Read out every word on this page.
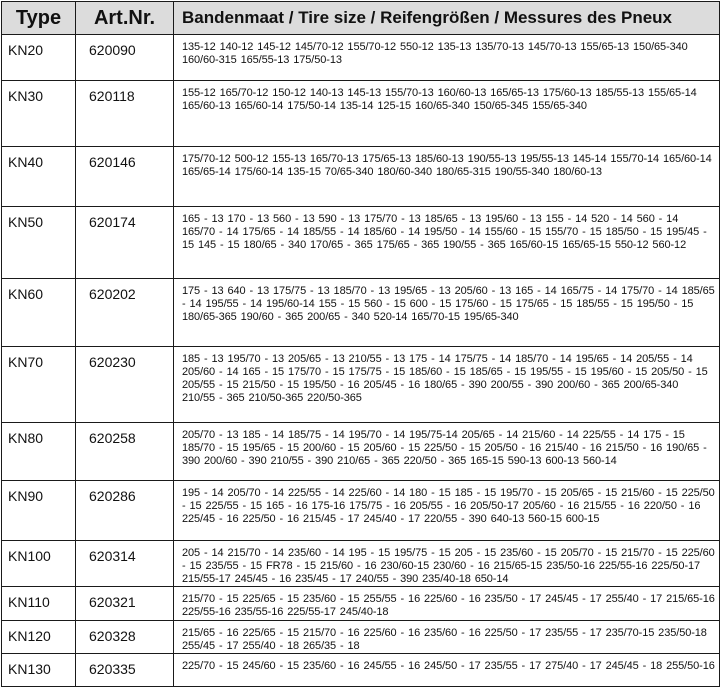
Type	Art.Nr.	Bandenmaat / Tire size / Reifengrößen / Messures des Pneux
KN20	620090	135-12 140-12 145-12 145/70-12 155/70-12 550-12 135-13 135/70-13 145/70-13 155/65-13 150/65-340 160/60-315 165/55-13 175/50-13
KN30	620118	155-12 165/70-12 150-12 140-13 145-13 155/70-13 160/60-13 165/65-13 175/60-13 185/55-13 155/65-14 165/60-13 165/60-14 175/50-14 135-14 125-15 160/65-340 150/65-345 155/65-340
KN40	620146	175/70-12 500-12 155-13 165/70-13 175/65-13 185/60-13 190/55-13 195/55-13 145-14 155/70-14 165/60-14 165/65-14 175/60-14 135-15 70/65-340 180/60-340 180/65-315 190/55-340 180/60-13
KN50	620174	165 - 13 170 - 13 560 - 13 590 - 13 175/70 - 13 185/65 - 13 195/60 - 13 155 - 14 520 - 14 560 - 14 165/70 - 14 175/65 - 14 185/55 - 14 185/60 - 14 195/50 - 14 155/60 - 15 155/70 - 15 185/50 - 15 195/45 - 15 145 - 15 180/65 - 340 170/65 - 365 175/65 - 365 190/55 - 365 165/60-15 165/65-15 550-12 560-12
KN60	620202	175 - 13 640 - 13 175/75 - 13 185/70 - 13 195/65 - 13 205/60 - 13 165 - 14 165/75 - 14 175/70 - 14 185/65 - 14 195/55 - 14 195/60-14 155 - 15 560 - 15 600 - 15 175/60 - 15 175/65 - 15 185/55 - 15 195/50 - 15 180/65-365 190/60 - 365 200/65 - 340 520-14 165/70-15 195/65-340
KN70	620230	185 - 13 195/70 - 13 205/65 - 13 210/55 - 13 175 - 14 175/75 - 14 185/70 - 14 195/65 - 14 205/55 - 14 205/60 - 14 165 - 15 175/70 - 15 175/75 - 15 185/60 - 15 185/65 - 15 195/55 - 15 195/60 - 15 205/50 - 15 205/55 - 15 215/50 - 15 195/50 - 16 205/45 - 16 180/65 - 390 200/55 - 390 200/60 - 365 200/65-340 210/55 - 365 210/50-365 220/50-365
KN80	620258	205/70 - 13 185 - 14 185/75 - 14 195/70 - 14 195/75-14 205/65 - 14 215/60 - 14 225/55 - 14 175 - 15 185/70 - 15 195/65 - 15 200/60 - 15 205/60 - 15 225/50 - 15 205/50 - 16 215/40 - 16 215/50 - 16 190/65 - 390 200/60 - 390 210/55 - 390 210/65 - 365 220/50 - 365 165-15 590-13 600-13 560-14
KN90	620286	195 - 14 205/70 - 14 225/55 - 14 225/60 - 14 180 - 15 185 - 15 195/70 - 15 205/65 - 15 215/60 - 15 225/50 - 15 225/55 - 15 165 - 16 175-16 175/75 - 16 205/55 - 16 205/50-17 205/60 - 16 215/55 - 16 220/50 - 16 225/45 - 16 225/50 - 16 215/45 - 17 245/40 - 17 220/55 - 390 640-13 560-15 600-15
KN100	620314	205 - 14 215/70 - 14 235/60 - 14 195 - 15 195/75 - 15 205 - 15 235/60 - 15 205/70 - 15 215/70 - 15 225/60 - 15 235/55 - 15 FR78 - 15 215/60 - 16 230/60-15 230/60 - 16 215/65-15 235/50-16 225/55-16 225/50-17 215/55-17 245/45 - 16 235/45 - 17 240/55 - 390 235/40-18 650-14
KN110	620321	215/70 - 15 225/65 - 15 235/60 - 15 255/55 - 16 225/60 - 16 235/50 - 17 245/45 - 17 255/40 - 17 215/65-16 225/55-16 235/55-16 225/55-17 245/40-18
KN120	620328	215/65 - 16 225/65 - 15 215/70 - 16 225/60 - 16 235/60 - 16 225/50 - 17 235/55 - 17 235/70-15 235/50-18 255/45 - 17 255/40 - 18 265/35 - 18
KN130	620335	225/70 - 15 245/60 - 15 235/60 - 16 245/55 - 16 245/50 - 17 235/55 - 17 275/40 - 17 245/45 - 18 255/50-16
